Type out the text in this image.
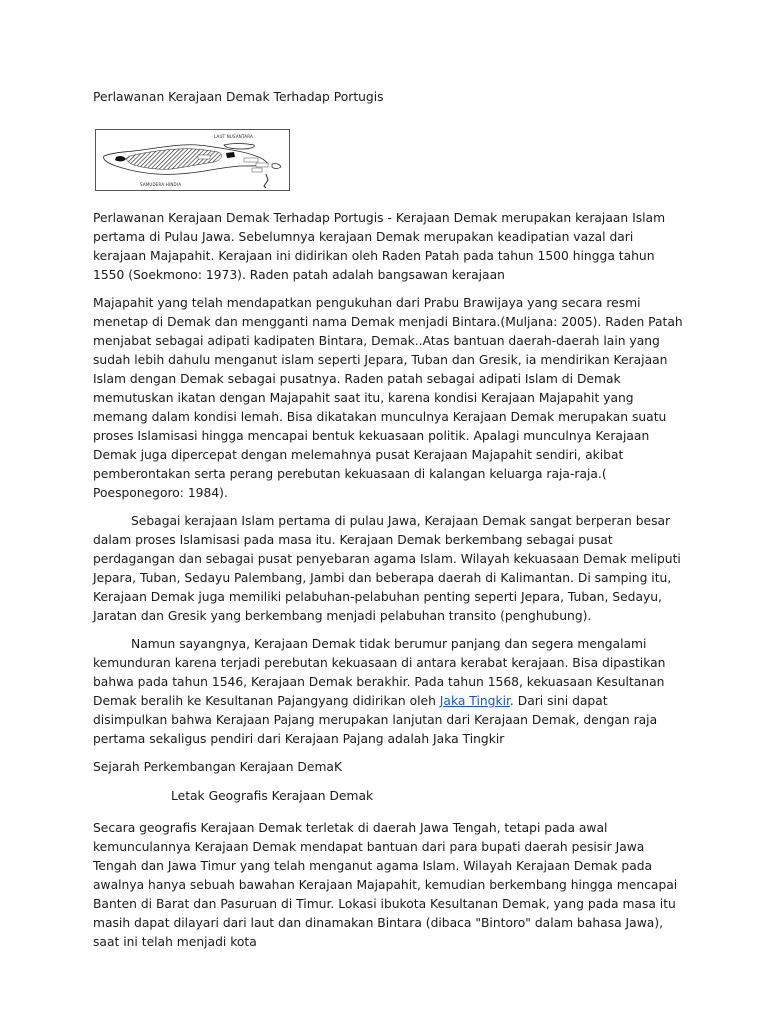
Perlawanan Kerajaan Demak Terhadap Portugis
LAUT NUSANTARA
SAMUDERA HINDIA

Perlawanan Kerajaan Demak Terhadap Portugis - Kerajaan Demak merupakan kerajaan Islam pertama di Pulau Jawa. Sebelumnya kerajaan Demak merupakan keadipatian vazal dari kerajaan Majapahit. Kerajaan ini didirikan oleh Raden Patah pada tahun 1500 hingga tahun 1550 (Soekmono: 1973). Raden patah adalah bangsawan kerajaan

Majapahit yang telah mendapatkan pengukuhan dari Prabu Brawijaya yang secara resmi menetap di Demak dan mengganti nama Demak menjadi Bintara.(Muljana: 2005). Raden Patah menjabat sebagai adipati kadipaten Bintara, Demak..Atas bantuan daerah-daerah lain yang sudah lebih dahulu menganut islam seperti Jepara, Tuban dan Gresik, ia mendirikan Kerajaan Islam dengan Demak sebagai pusatnya. Raden patah sebagai adipati Islam di Demak memutuskan ikatan dengan Majapahit saat itu, karena kondisi Kerajaan Majapahit yang memang dalam kondisi lemah. Bisa dikatakan munculnya Kerajaan Demak merupakan suatu proses Islamisasi hingga mencapai bentuk kekuasaan politik. Apalagi munculnya Kerajaan Demak juga dipercepat dengan melemahnya pusat Kerajaan Majapahit sendiri, akibat pemberontakan serta perang perebutan kekuasaan di kalangan keluarga raja-raja.( Poesponegoro: 1984).

Sebagai kerajaan Islam pertama di pulau Jawa, Kerajaan Demak sangat berperan besar dalam proses Islamisasi pada masa itu. Kerajaan Demak berkembang sebagai pusat perdagangan dan sebagai pusat penyebaran agama Islam. Wilayah kekuasaan Demak meliputi Jepara, Tuban, Sedayu Palembang, Jambi dan beberapa daerah di Kalimantan. Di samping itu, Kerajaan Demak juga memiliki pelabuhan-pelabuhan penting seperti Jepara, Tuban, Sedayu, Jaratan dan Gresik yang berkembang menjadi pelabuhan transito (penghubung).

Namun sayangnya, Kerajaan Demak tidak berumur panjang dan segera mengalami kemunduran karena terjadi perebutan kekuasaan di antara kerabat kerajaan. Bisa dipastikan bahwa pada tahun 1546, Kerajaan Demak berakhir. Pada tahun 1568, kekuasaan Kesultanan Demak beralih ke Kesultanan Pajangyang didirikan oleh Jaka Tingkir. Dari sini dapat disimpulkan bahwa Kerajaan Pajang merupakan lanjutan dari Kerajaan Demak, dengan raja pertama sekaligus pendiri dari Kerajaan Pajang adalah Jaka Tingkir

Sejarah Perkembangan Kerajaan DemaK
Letak Geografis Kerajaan Demak

Secara geografis Kerajaan Demak terletak di daerah Jawa Tengah, tetapi pada awal kemunculannya Kerajaan Demak mendapat bantuan dari para bupati daerah pesisir Jawa Tengah dan Jawa Timur yang telah menganut agama Islam. Wilayah Kerajaan Demak pada awalnya hanya sebuah bawahan Kerajaan Majapahit, kemudian berkembang hingga mencapai Banten di Barat dan Pasuruan di Timur. Lokasi ibukota Kesultanan Demak, yang pada masa itu masih dapat dilayari dari laut dan dinamakan Bintara (dibaca "Bintoro" dalam bahasa Jawa), saat ini telah menjadi kota
